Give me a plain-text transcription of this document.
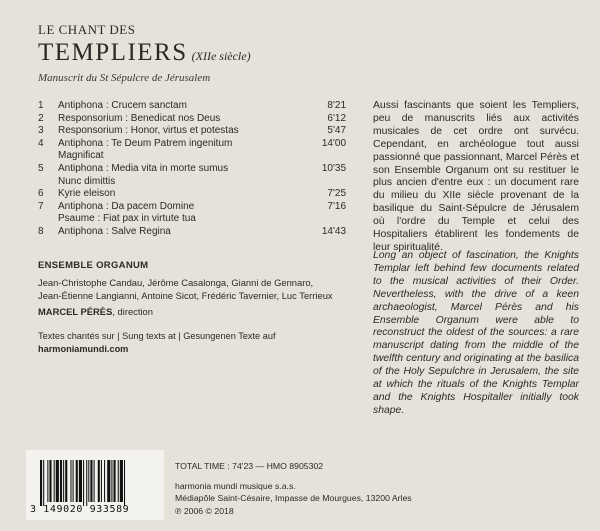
LE CHANT DES
TEMPLIERS (XIIe siècle)
Manuscrit du St Sépulcre de Jérusalem
1	Antiphona : Crucem sanctam	8'21
2	Responsorium : Benedicat nos Deus	6'12
3	Responsorium : Honor, virtus et potestas	5'47
4	Antiphona : Te Deum Patrem ingenitum	14'00
Magnificat
5	Antiphona : Media vita in morte sumus	10'35
Nunc dimittis
6	Kyrie eleison	7'25
7	Antiphona : Da pacem Domine	7'16
Psaume : Fiat pax in virtute tua
8	Antiphona : Salve Regina	14'43
ENSEMBLE ORGANUM
Jean-Christophe Candau, Jérôme Casalonga, Gianni de Gennaro,
Jean-Étienne Langianni, Antoine Sicot, Frédéric Tavernier, Luc Terrieux
MARCEL PÉRÈS, direction
Textes chantés sur | Sung texts at | Gesungenen Texte auf
harmoniamundi.com
Aussi fascinants que soient les Templiers, peu de manuscrits liés aux activités musicales de cet ordre ont survécu. Cependant, en archéologue tout aussi passionné que passionnant, Marcel Pérès et son Ensemble Organum ont su restituer le plus ancien d'entre eux : un document rare du milieu du XIIe siècle provenant de la basilique du Saint-Sépulcre de Jérusalem où l'ordre du Temple et celui des Hospitaliers établirent les fondements de leur spiritualité.
Long an object of fascination, the Knights Templar left behind few documents related to the musical activities of their Order. Nevertheless, with the drive of a keen archaeologist, Marcel Pérès and his Ensemble Organum were able to reconstruct the oldest of the sources: a rare manuscript dating from the middle of the twelfth century and originating at the basilica of the Holy Sepulchre in Jerusalem, the site at which the rituals of the Knights Templar and the Knights Hospitaller initially took shape.
3 149020 933589
TOTAL TIME : 74'23 — HMO 8905302
harmonia mundi musique s.a.s.
Médiapôle Saint-Césaire, Impasse de Mourgues, 13200 Arles
℗ 2006 © 2018
